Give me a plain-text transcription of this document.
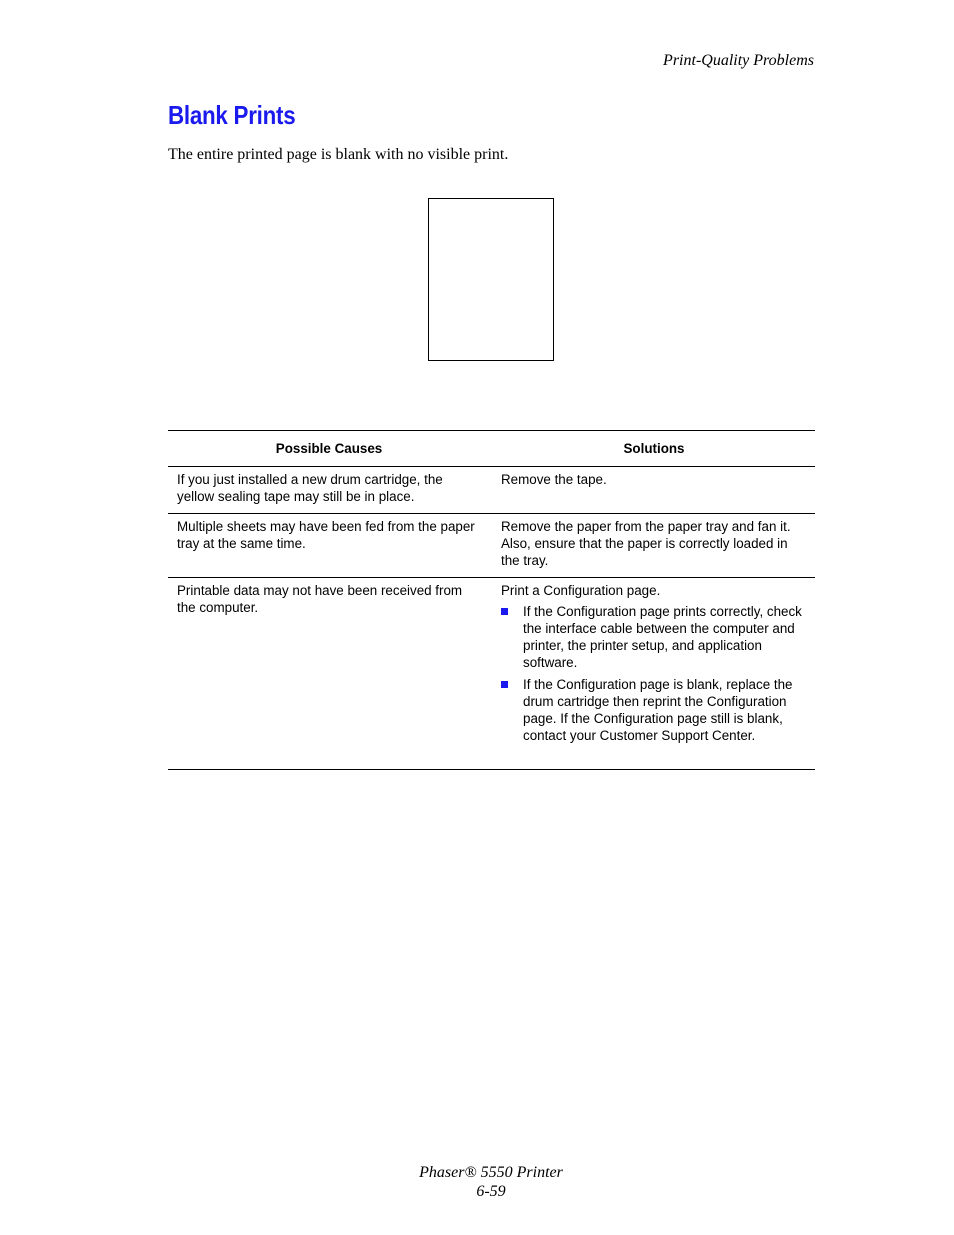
Print-Quality Problems
Blank Prints

The entire printed page is blank with no visible print.

Possible Causes	Solutions
If you just installed a new drum cartridge, the yellow sealing tape may still be in place.
Remove the tape.
Multiple sheets may have been fed from the paper tray at the same time.
Remove the paper from the paper tray and fan it. Also, ensure that the paper is correctly loaded in the tray.
Printable data may not have been received from the computer.
Print a Configuration page.
If the Configuration page prints correctly, check the interface cable between the computer and printer, the printer setup, and application software.
If the Configuration page is blank, replace the drum cartridge then reprint the Configuration page. If the Configuration page still is blank, contact your Customer Support Center.
Phaser® 5550 Printer
6-59
